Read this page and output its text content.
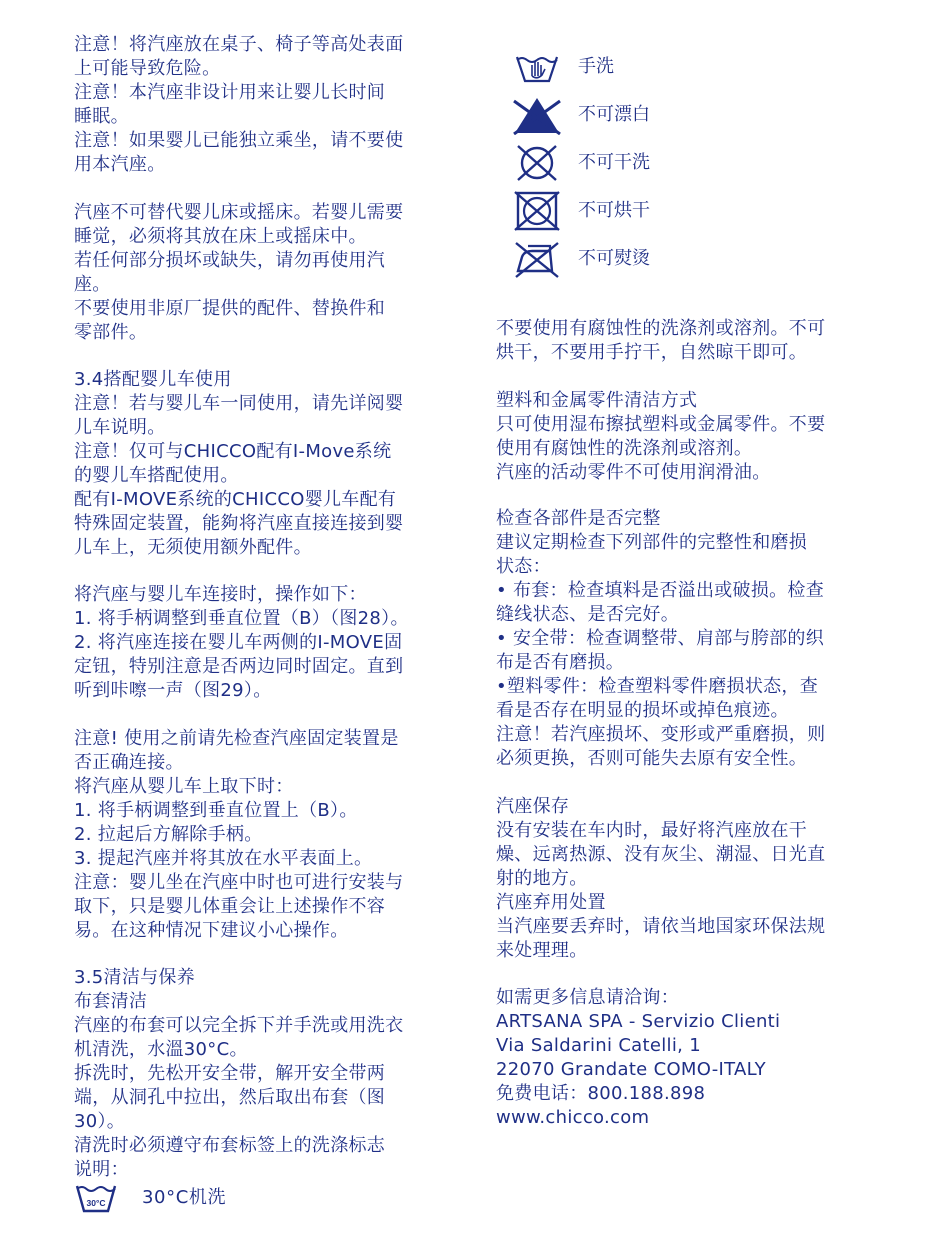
注意！将汽座放在桌子、椅子等高处表面
上可能导致危险。
注意！本汽座非设计用来让婴儿长时间
睡眠。
注意！如果婴儿已能独立乘坐，请不要使
用本汽座。
汽座不可替代婴儿床或摇床。若婴儿需要
睡觉，必须将其放在床上或摇床中。
若任何部分损坏或缺失，请勿再使用汽
座。
不要使用非原厂提供的配件、替换件和
零部件。
3.4搭配婴儿车使用
注意！若与婴儿车一同使用，请先详阅婴
儿车说明。
注意！仅可与CHICCO配有I-Move系统
的婴儿车搭配使用。
配有I-MOVE系统的CHICCO婴儿车配有
特殊固定装置，能夠将汽座直接连接到婴
儿车上，无须使用额外配件。
将汽座与婴儿车连接时，操作如下：
1. 将手柄调整到垂直位置（B）（图28）。
2. 将汽座连接在婴儿车两侧的I-MOVE固
定钮，特别注意是否两边同时固定。直到
听到咔嚓一声（图29）。
注意! 使用之前请先检查汽座固定装置是
否正确连接。
将汽座从婴儿车上取下时：
1. 将手柄调整到垂直位置上（B）。
2. 拉起后方解除手柄。
3. 提起汽座并将其放在水平表面上。
注意：婴儿坐在汽座中时也可进行安装与
取下，只是婴儿体重会让上述操作不容
易。在这种情况下建议小心操作。
3.5清洁与保养
布套清洁
汽座的布套可以完全拆下并手洗或用洗衣
机清洗，水溫30°C。
拆洗时，先松开安全带，解开安全带两
端，从洞孔中拉出，然后取出布套（图
30）。
清洗时必须遵守布套标签上的洗涤标志
说明：
30°C 30°C机洗
手洗
不可漂白
不可干洗
不可烘干
不可熨烫
不要使用有腐蚀性的洗涤剂或溶剂。不可
烘干，不要用手拧干，自然晾干即可。
塑料和金属零件清洁方式
只可使用湿布擦拭塑料或金属零件。不要
使用有腐蚀性的洗涤剂或溶剂。
汽座的活动零件不可使用润滑油。
检查各部件是否完整
建议定期检查下列部件的完整性和磨损
状态：
• 布套：检查填料是否溢出或破损。检查
缝线状态、是否完好。
• 安全带：检查调整带、肩部与胯部的织
布是否有磨损。
•塑料零件：检查塑料零件磨损状态，查
看是否存在明显的损坏或掉色痕迹。
注意！若汽座损坏、变形或严重磨损，则
必须更换，否则可能失去原有安全性。
汽座保存
没有安装在车内时，最好将汽座放在干
燥、远离热源、没有灰尘、潮湿、日光直
射的地方。
汽座弃用处置
当汽座要丢弃时，请依当地国家环保法规
来处理理。
如需更多信息请洽询：
ARTSANA SPA - Servizio Clienti
Via Saldarini Catelli, 1
22070 Grandate COMO-ITALY
免费电话：800.188.898
www.chicco.com
